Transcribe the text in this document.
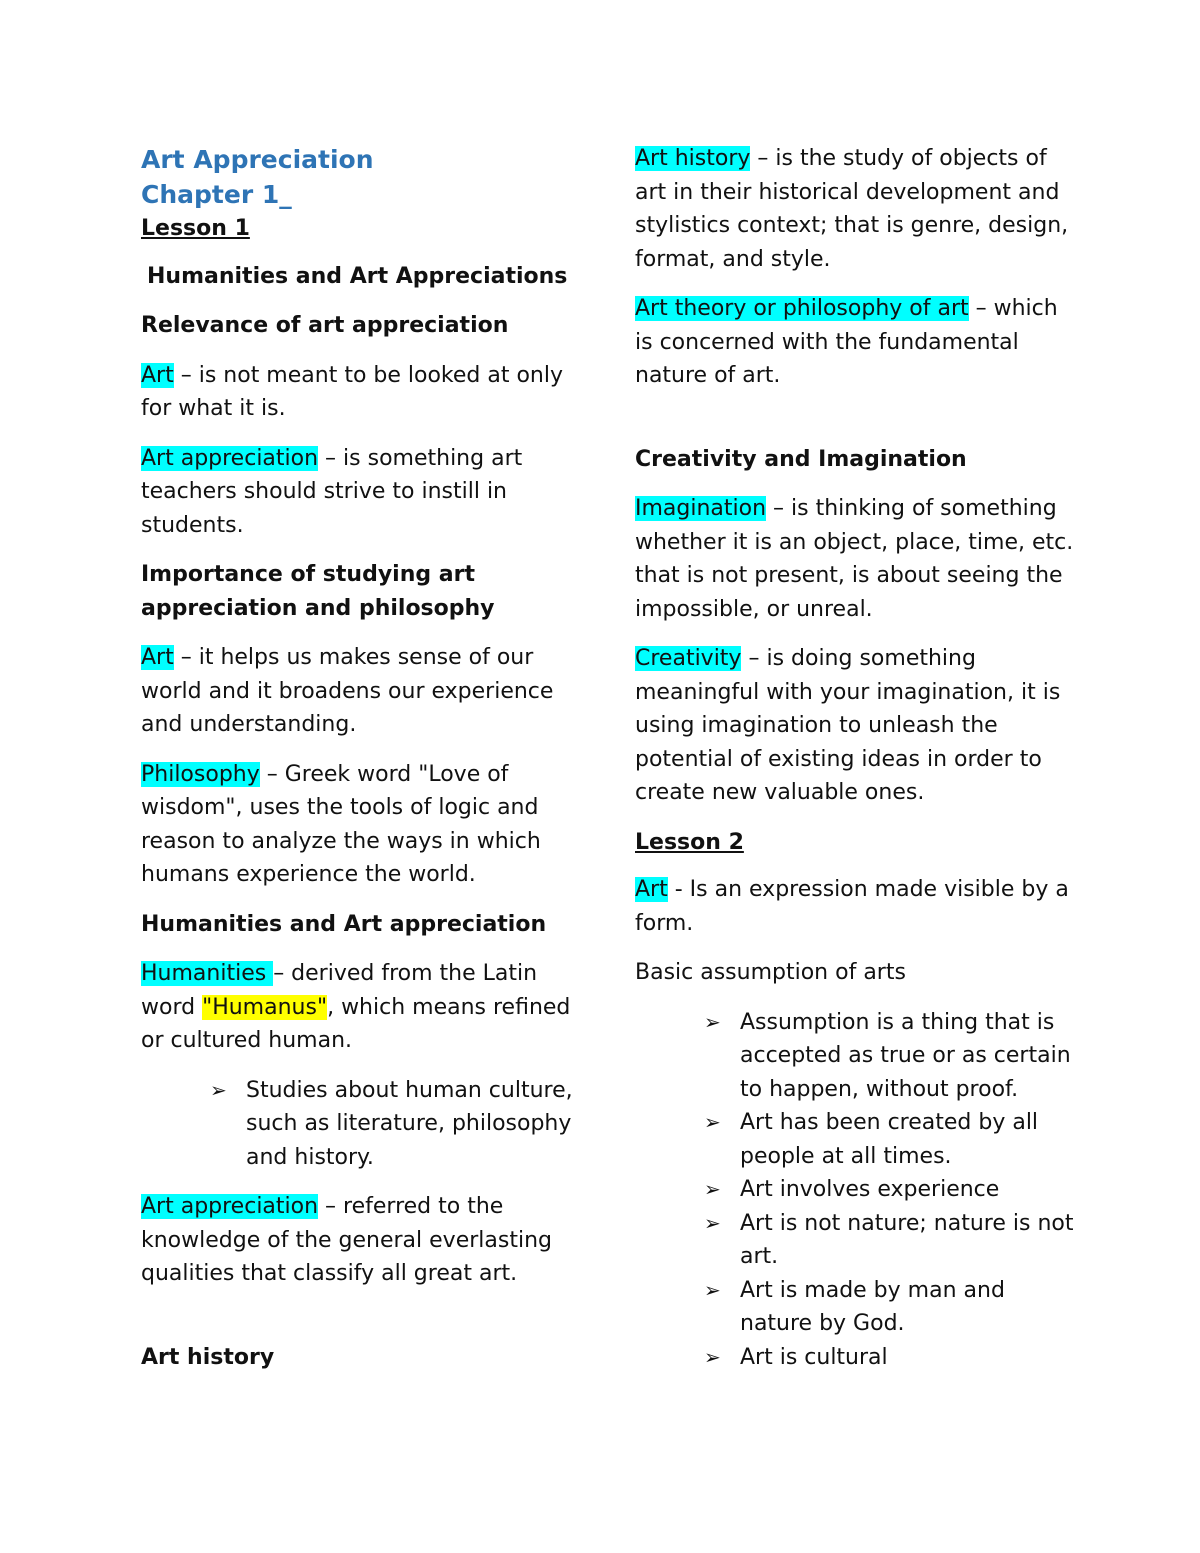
Art Appreciation
Chapter 1_

Lesson 1

Humanities and Art Appreciations

Relevance of art appreciation

Art – is not meant to be looked at only for what it is.

Art appreciation – is something art teachers should strive to instill in students.

Importance of studying art appreciation and philosophy

Art – it helps us makes sense of our world and it broadens our experience and understanding.

Philosophy – Greek word "Love of wisdom", uses the tools of logic and reason to analyze the ways in which humans experience the world.

Humanities and Art appreciation

Humanities – derived from the Latin word "Humanus", which means refined or cultured human.

➢ Studies about human culture, such as literature, philosophy and history.

Art appreciation – referred to the knowledge of the general everlasting qualities that classify all great art.

Art history

Art history – is the study of objects of art in their historical development and stylistics context; that is genre, design, format, and style.

Art theory or philosophy of art – which is concerned with the fundamental nature of art.

Creativity and Imagination

Imagination – is thinking of something whether it is an object, place, time, etc. that is not present, is about seeing the impossible, or unreal.

Creativity – is doing something meaningful with your imagination, it is using imagination to unleash the potential of existing ideas in order to create new valuable ones.

Lesson 2

Art - Is an expression made visible by a form.

Basic assumption of arts

➢ Assumption is a thing that is accepted as true or as certain to happen, without proof.
➢ Art has been created by all people at all times.
➢ Art involves experience
➢ Art is not nature; nature is not art.
➢ Art is made by man and nature by God.
➢ Art is cultural
